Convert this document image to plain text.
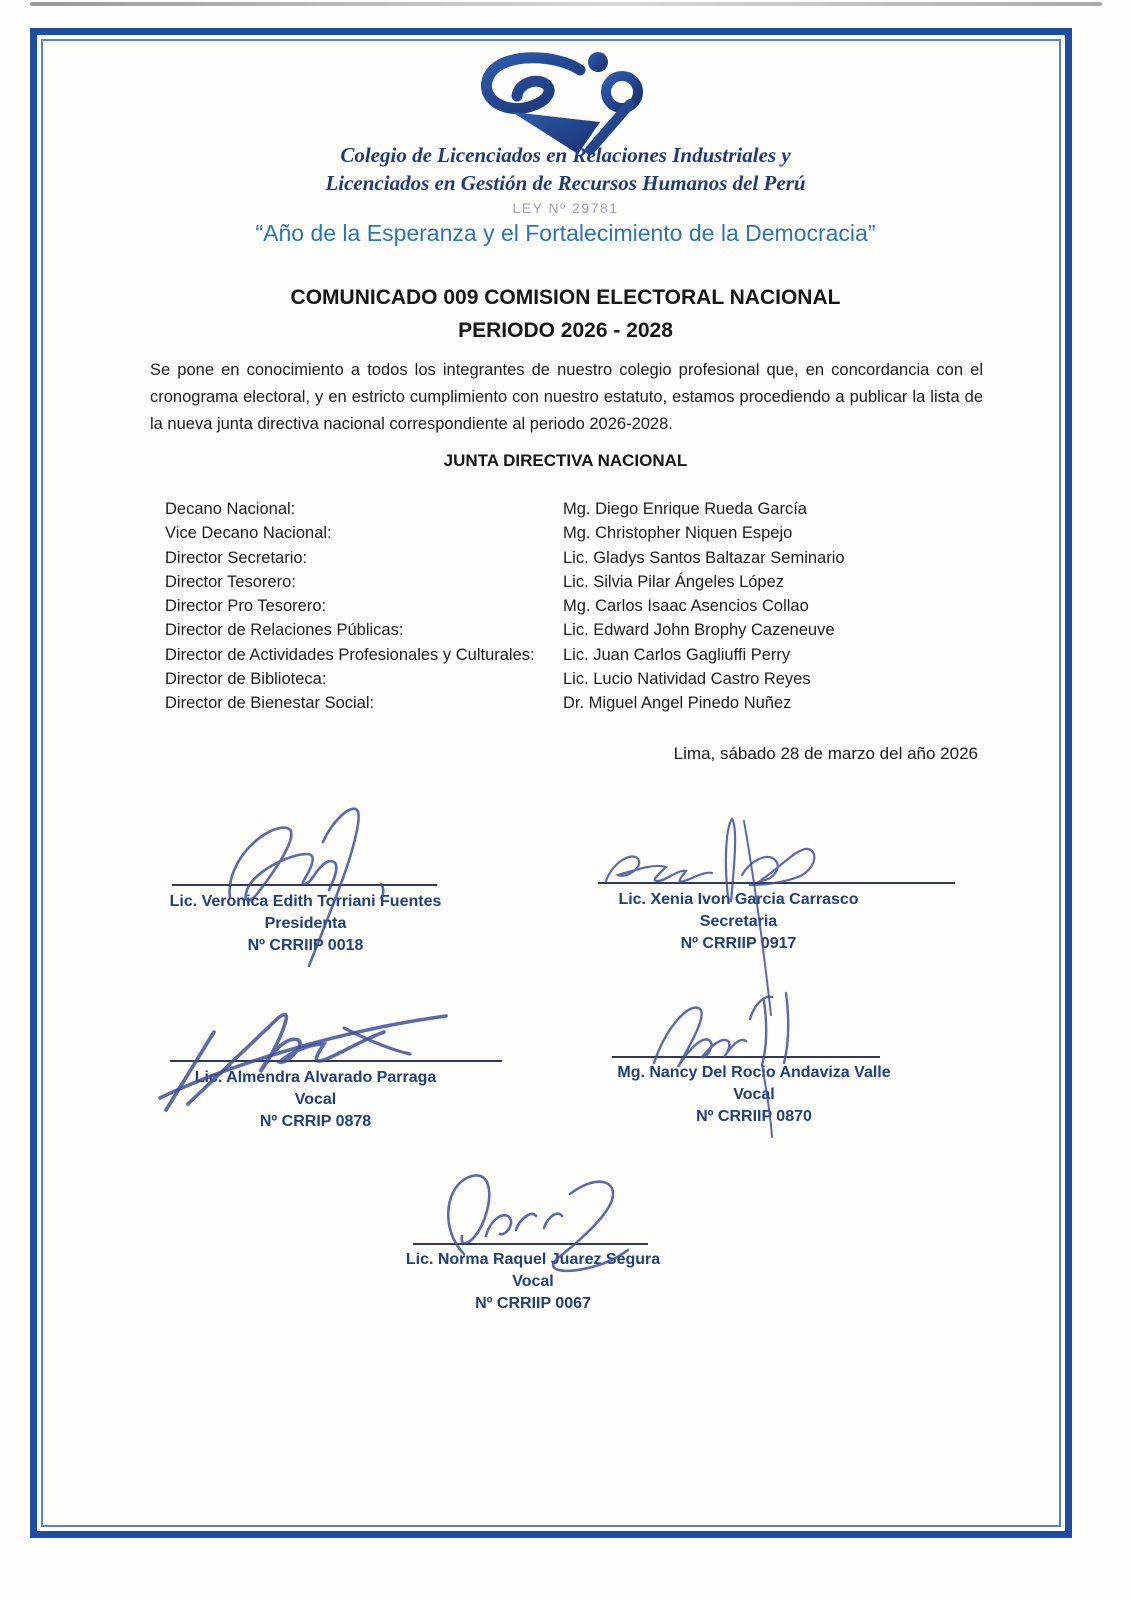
Colegio de Licenciados en Relaciones Industriales y
Licenciados en Gestión de Recursos Humanos del Perú
LEY Nº 29781
“Año de la Esperanza y el Fortalecimiento de la Democracia”
COMUNICADO 009 COMISION ELECTORAL NACIONAL
PERIODO 2026 - 2028
Se pone en conocimiento a todos los integrantes de nuestro colegio profesional que, en concordancia con el cronograma electoral, y en estricto cumplimiento con nuestro estatuto, estamos procediendo a publicar la lista de la nueva junta directiva nacional correspondiente al periodo 2026-2028.
JUNTA DIRECTIVA NACIONAL
Decano Nacional:	Mg. Diego Enrique Rueda García
Vice Decano Nacional:	Mg. Christopher Niquen Espejo
Director Secretario:	Lic. Gladys Santos Baltazar Seminario
Director Tesorero:	Lic. Silvia Pilar Ángeles López
Director Pro Tesorero:	Mg. Carlos Isaac Asencios Collao
Director de Relaciones Públicas:	Lic. Edward John Brophy Cazeneuve
Director de Actividades Profesionales y Culturales:	Lic. Juan Carlos Gagliuffi Perry
Director de Biblioteca:	Lic. Lucio Natividad Castro Reyes
Director de Bienestar Social:	Dr. Miguel Angel Pinedo Nuñez
Lima, sábado 28 de marzo del año 2026
Lic. Veronica Edith Torriani Fuentes
Presidenta
Nº CRRIIP 0018
Lic. Xenia Ivon Garcia Carrasco
Secretaria
Nº CRRIIP 0917
Lic. Almendra Alvarado Parraga
Vocal
Nº CRRIP 0878
Mg. Nancy Del Rocio Andaviza Valle
Vocal
Nº CRRIIP 0870
Lic. Norma Raquel Juarez Segura
Vocal
Nº CRRIIP 0067
